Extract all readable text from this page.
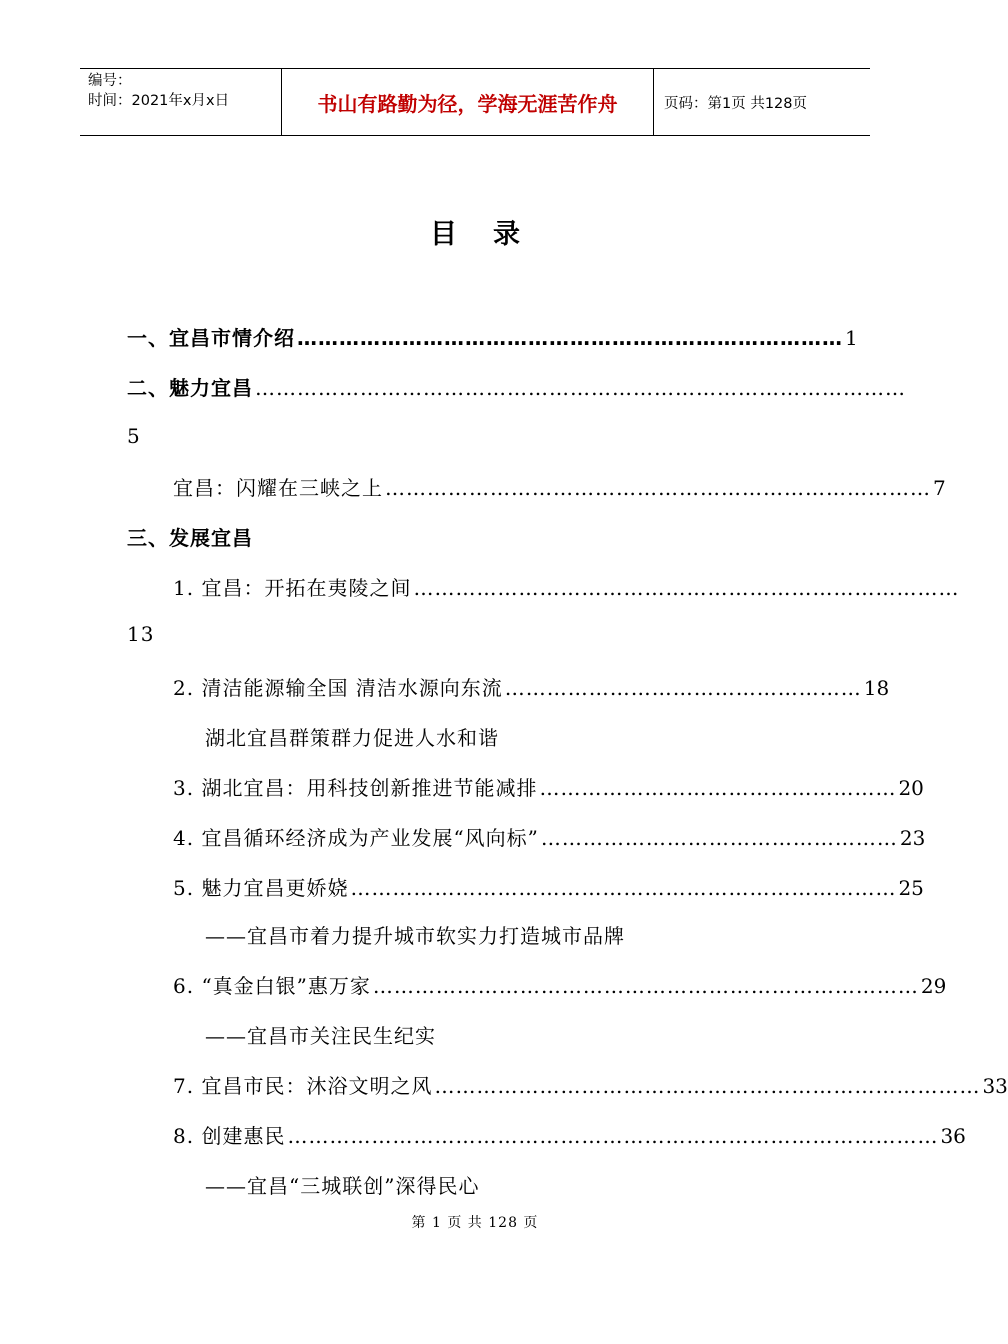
编号：
时间：2021年x月x日	书山有路勤为径，学海无涯苦作舟	页码：第1页 共128页
目录
一、宜昌市情介绍 …………………………………………………………………… 1
二、魅力宜昌 …………………………………………………………………………………
5
宜昌：闪耀在三峡之上 …………………………………………………………………… 7
三、发展宜昌
1. 宜昌：开拓在夷陵之间 ……………………………………………………………………
13
2. 清洁能源输全国 清洁水源向东流 …………………………………………… 18
湖北宜昌群策群力促进人水和谐
3. 湖北宜昌：用科技创新推进节能减排 …………………………………………… 20
4. 宜昌循环经济成为产业发展“风向标” …………………………………………… 23
5. 魅力宜昌更娇娆 …………………………………………………………………… 25
——宜昌市着力提升城市软实力打造城市品牌
6. “真金白银”惠万家 …………………………………………………………………… 29
——宜昌市关注民生纪实
7. 宜昌市民：沐浴文明之风 …………………………………………………………………… 33
8. 创建惠民 ………………………………………………………………………………… 36
——宜昌“三城联创”深得民心
第 1 页 共 128 页
